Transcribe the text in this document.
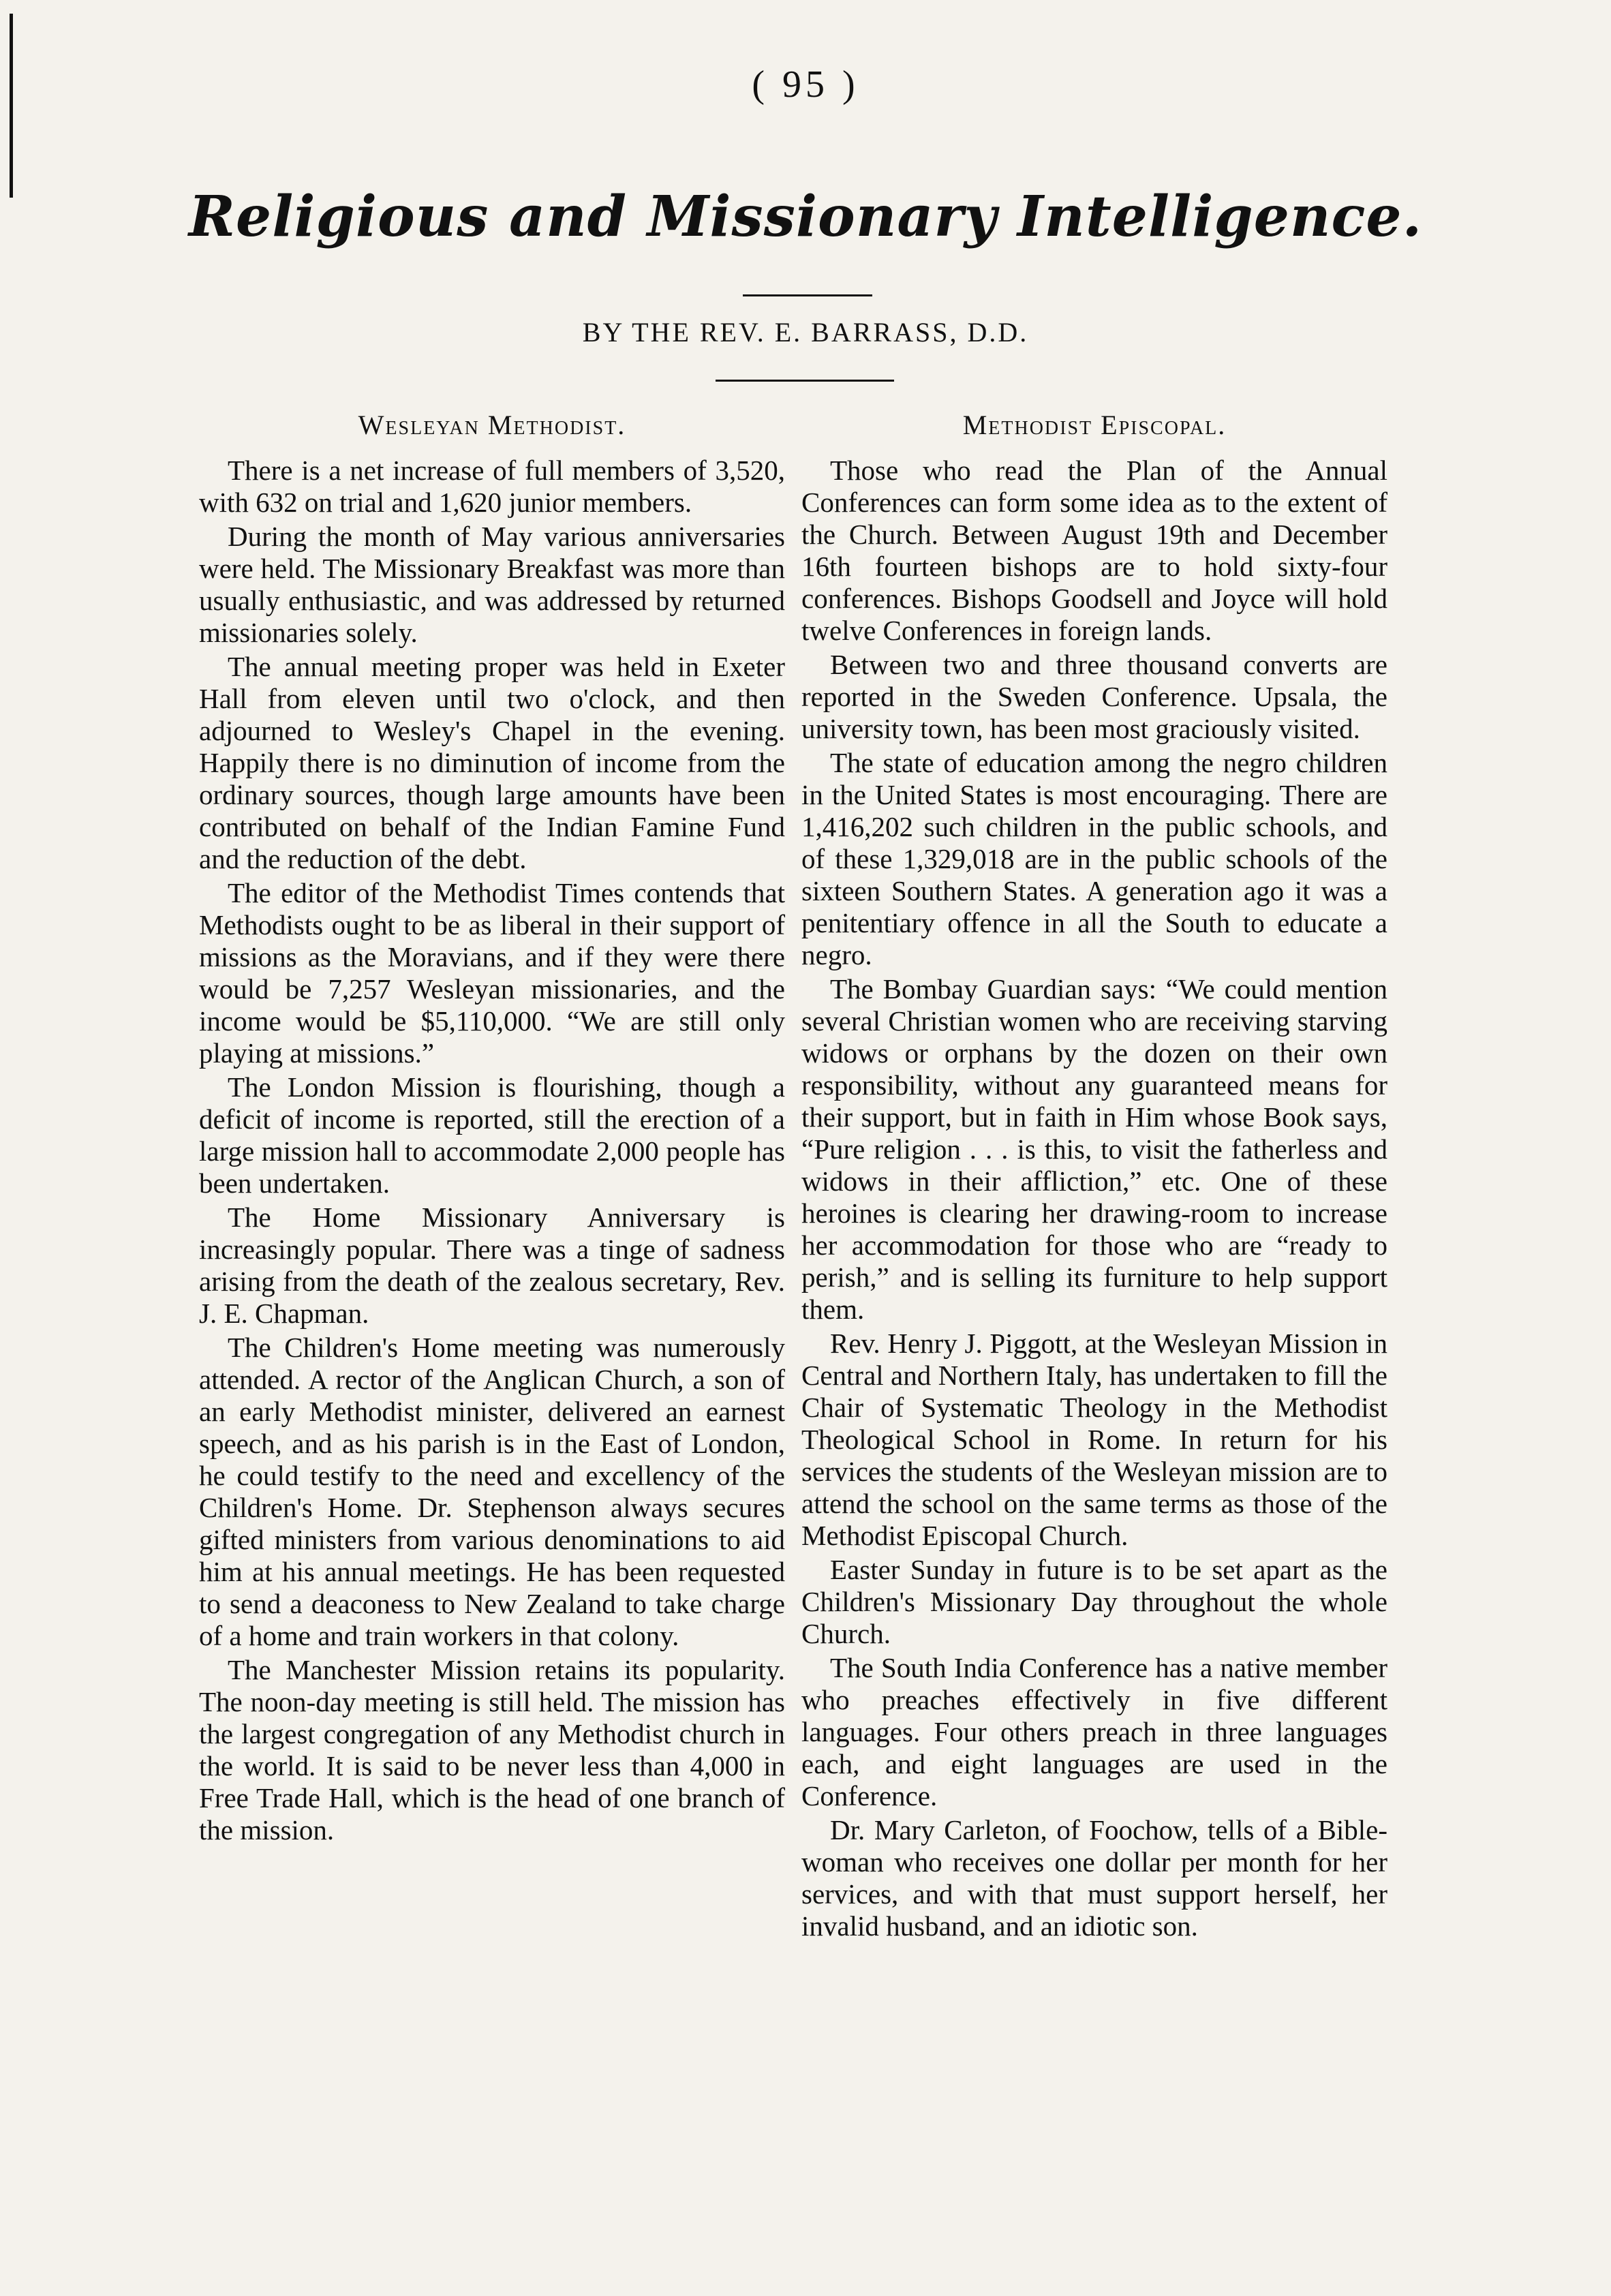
( 95 )
Religious and Missionary Intelligence.
BY THE REV. E. BARRASS, D.D.
Wesleyan Methodist.

There is a net increase of full members of 3,520, with 632 on trial and 1,620 junior members.

During the month of May various anniversaries were held. The Missionary Breakfast was more than usually enthusiastic, and was addressed by returned missionaries solely.

The annual meeting proper was held in Exeter Hall from eleven until two o'clock, and then adjourned to Wesley's Chapel in the evening. Happily there is no diminution of income from the ordinary sources, though large amounts have been contributed on behalf of the Indian Famine Fund and the reduction of the debt.

The editor of the Methodist Times contends that Methodists ought to be as liberal in their support of missions as the Moravians, and if they were there would be 7,257 Wesleyan missionaries, and the income would be $5,110,000. “We are still only playing at missions.”

The London Mission is flourishing, though a deficit of income is reported, still the erection of a large mission hall to accommodate 2,000 people has been undertaken.

The Home Missionary Anniversary is increasingly popular. There was a tinge of sadness arising from the death of the zealous secretary, Rev. J. E. Chapman.

The Children's Home meeting was numerously attended. A rector of the Anglican Church, a son of an early Methodist minister, delivered an earnest speech, and as his parish is in the East of London, he could testify to the need and excellency of the Children's Home. Dr. Stephenson always secures gifted ministers from various denominations to aid him at his annual meetings. He has been requested to send a deaconess to New Zealand to take charge of a home and train workers in that colony.

The Manchester Mission retains its popularity. The noon-day meeting is still held. The mission has the largest congregation of any Methodist church in the world. It is said to be never less than 4,000 in Free Trade Hall, which is the head of one branch of the mission.

Methodist Episcopal.

Those who read the Plan of the Annual Conferences can form some idea as to the extent of the Church. Between August 19th and December 16th fourteen bishops are to hold sixty-four conferences. Bishops Goodsell and Joyce will hold twelve Conferences in foreign lands.

Between two and three thousand converts are reported in the Sweden Conference. Upsala, the university town, has been most graciously visited.

The state of education among the negro children in the United States is most encouraging. There are 1,416,202 such children in the public schools, and of these 1,329,018 are in the public schools of the sixteen Southern States. A generation ago it was a penitentiary offence in all the South to educate a negro.

The Bombay Guardian says: “We could mention several Christian women who are receiving starving widows or orphans by the dozen on their own responsibility, without any guaranteed means for their support, but in faith in Him whose Book says, “Pure religion . . . is this, to visit the fatherless and widows in their affliction,” etc. One of these heroines is clearing her drawing-room to increase her accommodation for those who are “ready to perish,” and is selling its furniture to help support them.

Rev. Henry J. Piggott, at the Wesleyan Mission in Central and Northern Italy, has undertaken to fill the Chair of Systematic Theology in the Methodist Theological School in Rome. In return for his services the students of the Wesleyan mission are to attend the school on the same terms as those of the Methodist Episcopal Church.

Easter Sunday in future is to be set apart as the Children's Missionary Day throughout the whole Church.

The South India Conference has a native member who preaches effectively in five different languages. Four others preach in three languages each, and eight languages are used in the Conference.

Dr. Mary Carleton, of Foochow, tells of a Bible-woman who receives one dollar per month for her services, and with that must support herself, her invalid husband, and an idiotic son.
